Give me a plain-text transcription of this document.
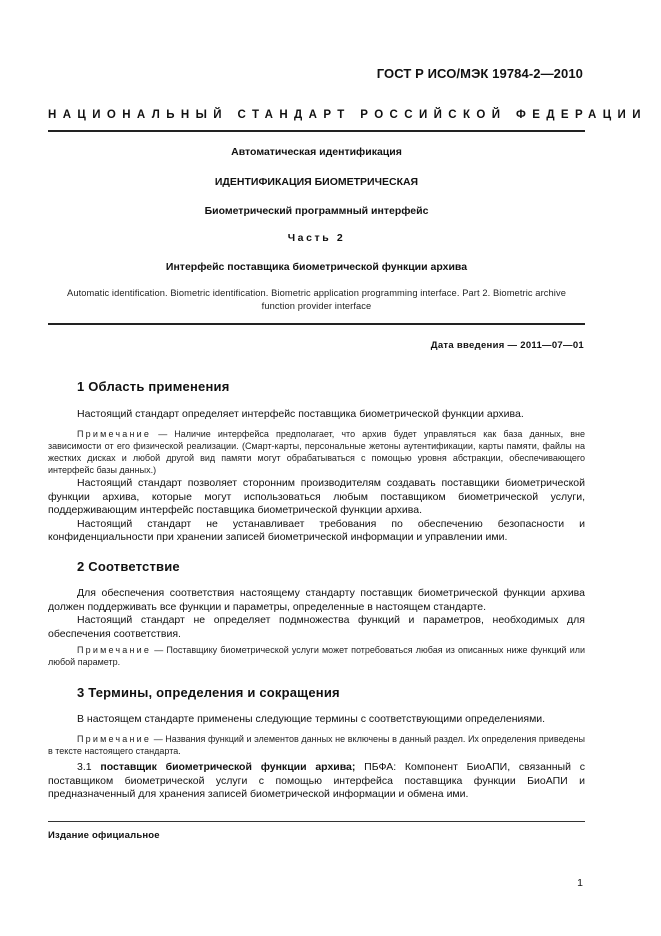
ГОСТ Р ИСО/МЭК 19784-2—2010
НАЦИОНАЛЬНЫЙ СТАНДАРТ РОССИЙСКОЙ ФЕДЕРАЦИИ
Автоматическая идентификация
ИДЕНТИФИКАЦИЯ БИОМЕТРИЧЕСКАЯ
Биометрический программный интерфейс
Часть 2
Интерфейс поставщика биометрической функции архива
Automatic identification. Biometric identification. Biometric application programming interface. Part 2. Biometric archive
function provider interface
Дата введения — 2011—07—01
1 Область применения

Настоящий стандарт определяет интерфейс поставщика биометрической функции архива.

Примечание — Наличие интерфейса предполагает, что архив будет управляться как база данных, вне зависимости от его физической реализации. (Смарт-карты, персональные жетоны аутентификации, карты памяти, файлы на жестких дисках и любой другой вид памяти могут обрабатываться с помощью уровня абстракции, обеспечивающего интерфейс базы данных.)

Настоящий стандарт позволяет сторонним производителям создавать поставщики биометрической функции архива, которые могут использоваться любым поставщиком биометрической услуги, поддерживающим интерфейс поставщика биометрической функции архива.

Настоящий стандарт не устанавливает требования по обеспечению безопасности и конфиденциальности при хранении записей биометрической информации и управлении ими.

2 Соответствие

Для обеспечения соответствия настоящему стандарту поставщик биометрической функции архива должен поддерживать все функции и параметры, определенные в настоящем стандарте.

Настоящий стандарт не определяет подмножества функций и параметров, необходимых для обеспечения соответствия.

Примечание — Поставщику биометрической услуги может потребоваться любая из описанных ниже функций или любой параметр.

3 Термины, определения и сокращения

В настоящем стандарте применены следующие термины с соответствующими определениями.

Примечание — Названия функций и элементов данных не включены в данный раздел. Их определения приведены в тексте настоящего стандарта.

3.1 поставщик биометрической функции архива; ПБФА: Компонент БиоАПИ, связанный с поставщиком биометрической услуги с помощью интерфейса поставщика функции БиоАПИ и предназначенный для хранения записей биометрической информации и обмена ими.

Издание официальное
1
